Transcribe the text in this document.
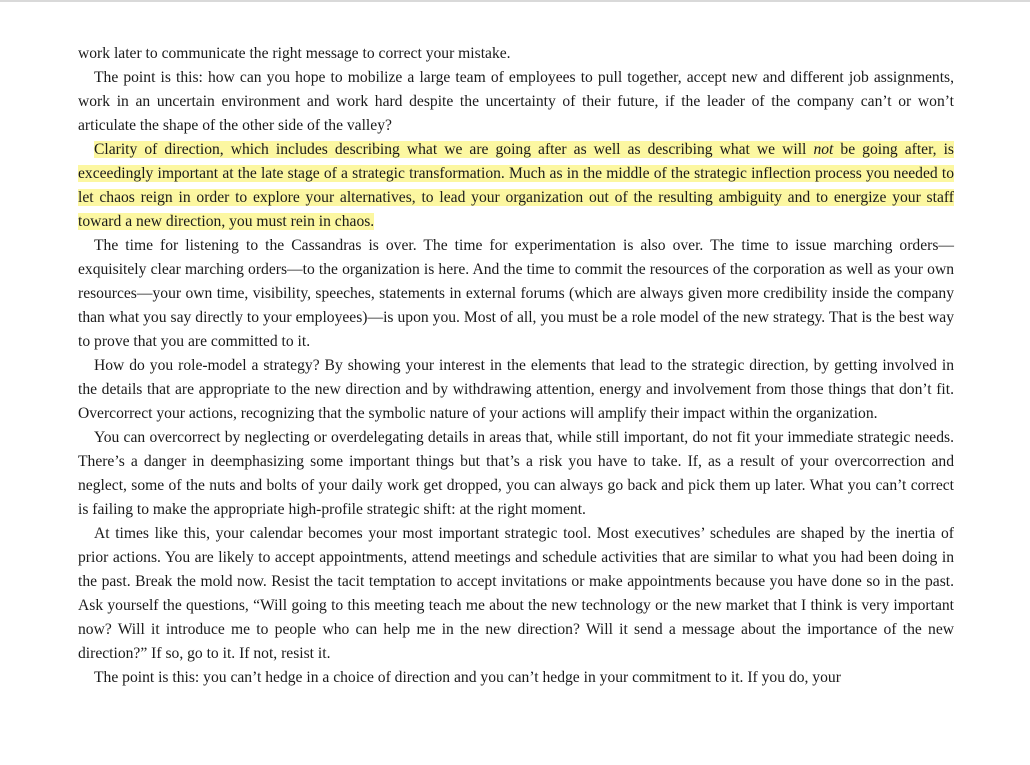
work later to communicate the right message to correct your mistake.

The point is this: how can you hope to mobilize a large team of employees to pull together, accept new and different job assignments, work in an uncertain environment and work hard despite the uncertainty of their future, if the leader of the company can’t or won’t articulate the shape of the other side of the valley?

Clarity of direction, which includes describing what we are going after as well as describing what we will not be going after, is exceedingly important at the late stage of a strategic transformation. Much as in the middle of the strategic inflection process you needed to let chaos reign in order to explore your alternatives, to lead your organization out of the resulting ambiguity and to energize your staff toward a new direction, you must rein in chaos.

The time for listening to the Cassandras is over. The time for experimentation is also over. The time to issue marching orders—exquisitely clear marching orders—to the organization is here. And the time to commit the resources of the corporation as well as your own resources—your own time, visibility, speeches, statements in external forums (which are always given more credibility inside the company than what you say directly to your employees)—is upon you. Most of all, you must be a role model of the new strategy. That is the best way to prove that you are committed to it.

How do you role-model a strategy? By showing your interest in the elements that lead to the strategic direction, by getting involved in the details that are appropriate to the new direction and by withdrawing attention, energy and involvement from those things that don’t fit. Overcorrect your actions, recognizing that the symbolic nature of your actions will amplify their impact within the organization.

You can overcorrect by neglecting or overdelegating details in areas that, while still important, do not fit your immediate strategic needs. There’s a danger in deemphasizing some important things but that’s a risk you have to take. If, as a result of your overcorrection and neglect, some of the nuts and bolts of your daily work get dropped, you can always go back and pick them up later. What you can’t correct is failing to make the appropriate high-profile strategic shift: at the right moment.

At times like this, your calendar becomes your most important strategic tool. Most executives’ schedules are shaped by the inertia of prior actions. You are likely to accept appointments, attend meetings and schedule activities that are similar to what you had been doing in the past. Break the mold now. Resist the tacit temptation to accept invitations or make appointments because you have done so in the past. Ask yourself the questions, “Will going to this meeting teach me about the new technology or the new market that I think is very important now? Will it introduce me to people who can help me in the new direction? Will it send a message about the importance of the new direction?” If so, go to it. If not, resist it.

The point is this: you can’t hedge in a choice of direction and you can’t hedge in your commitment to it. If you do, your
